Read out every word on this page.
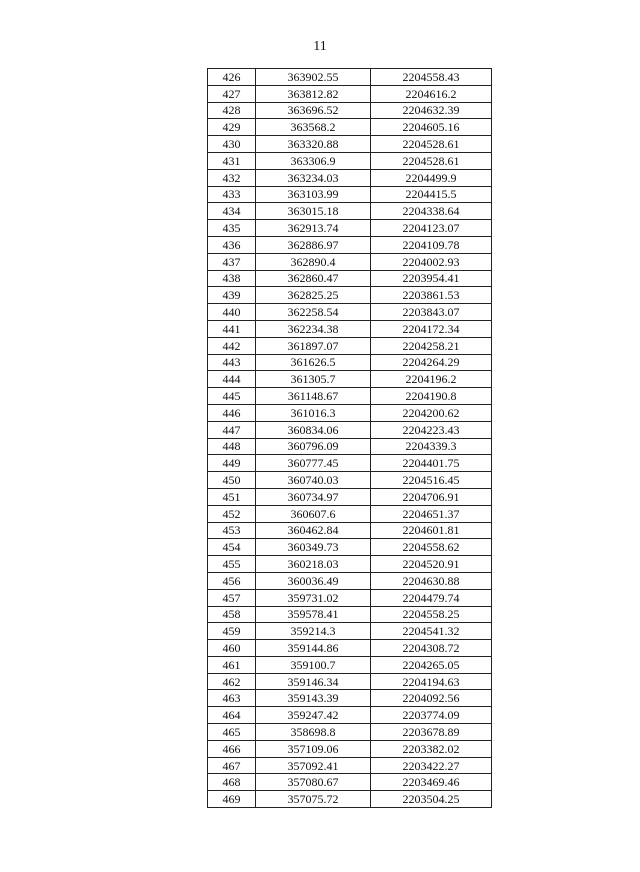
11
426	363902.55	2204558.43
427	363812.82	2204616.2
428	363696.52	2204632.39
429	363568.2	2204605.16
430	363320.88	2204528.61
431	363306.9	2204528.61
432	363234.03	2204499.9
433	363103.99	2204415.5
434	363015.18	2204338.64
435	362913.74	2204123.07
436	362886.97	2204109.78
437	362890.4	2204002.93
438	362860.47	2203954.41
439	362825.25	2203861.53
440	362258.54	2203843.07
441	362234.38	2204172.34
442	361897.07	2204258.21
443	361626.5	2204264.29
444	361305.7	2204196.2
445	361148.67	2204190.8
446	361016.3	2204200.62
447	360834.06	2204223.43
448	360796.09	2204339.3
449	360777.45	2204401.75
450	360740.03	2204516.45
451	360734.97	2204706.91
452	360607.6	2204651.37
453	360462.84	2204601.81
454	360349.73	2204558.62
455	360218.03	2204520.91
456	360036.49	2204630.88
457	359731.02	2204479.74
458	359578.41	2204558.25
459	359214.3	2204541.32
460	359144.86	2204308.72
461	359100.7	2204265.05
462	359146.34	2204194.63
463	359143.39	2204092.56
464	359247.42	2203774.09
465	358698.8	2203678.89
466	357109.06	2203382.02
467	357092.41	2203422.27
468	357080.67	2203469.46
469	357075.72	2203504.25
